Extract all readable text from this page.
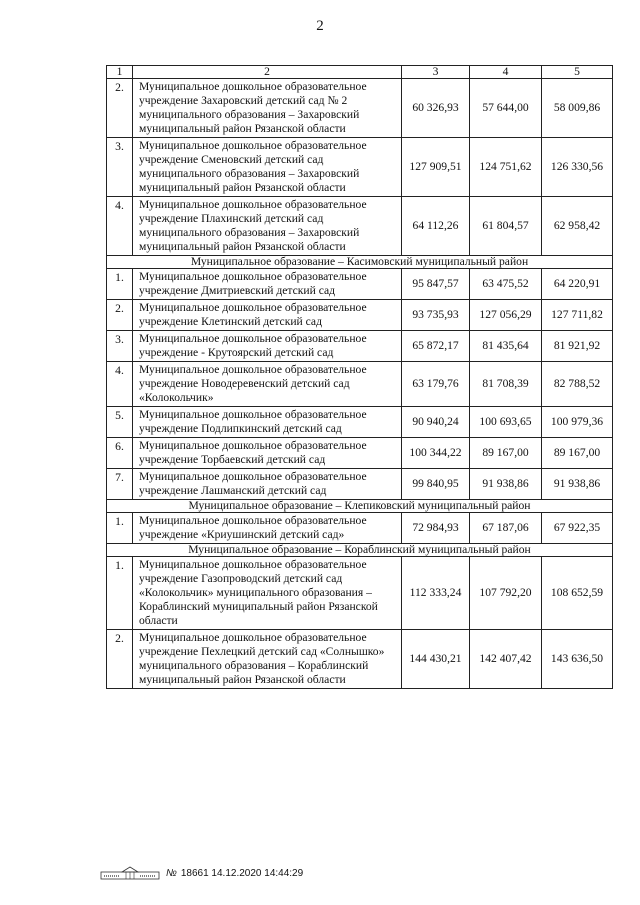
2
1	2	3	4	5
2.	Муниципальное дошкольное образовательное учреждение Захаровский детский сад № 2 муниципального образования – Захаровский муниципальный район Рязанской области	60 326,93	57 644,00	58 009,86
3.	Муниципальное дошкольное образовательное учреждение Сменовский детский сад муниципального образования – Захаровский муниципальный район Рязанской области	127 909,51	124 751,62	126 330,56
4.	Муниципальное дошкольное образовательное учреждение Плахинский детский сад муниципального образования – Захаровский муниципальный район Рязанской области	64 112,26	61 804,57	62 958,42
Муниципальное образование – Касимовский муниципальный район				
1.	Муниципальное дошкольное образовательное учреждение Дмитриевский детский сад	95 847,57	63 475,52	64 220,91
2.	Муниципальное дошкольное образовательное учреждение Клетинский детский сад	93 735,93	127 056,29	127 711,82
3.	Муниципальное дошкольное образовательное учреждение - Крутоярский детский сад	65 872,17	81 435,64	81 921,92
4.	Муниципальное дошкольное образовательное учреждение Новодеревенский детский сад «Колокольчик»	63 179,76	81 708,39	82 788,52
5.	Муниципальное дошкольное образовательное учреждение Подлипкинский детский сад	90 940,24	100 693,65	100 979,36
6.	Муниципальное дошкольное образовательное учреждение Торбаевский детский сад	100 344,22	89 167,00	89 167,00
7.	Муниципальное дошкольное образовательное учреждение Лашманский детский сад	99 840,95	91 938,86	91 938,86
Муниципальное образование – Клепиковский муниципальный район				
1.	Муниципальное дошкольное образовательное учреждение «Криушинский детский сад»	72 984,93	67 187,06	67 922,35
Муниципальное образование – Кораблинский муниципальный район				
1.	Муниципальное дошкольное образовательное учреждение Газопроводский детский сад «Колокольчик» муниципального образования – Кораблинский муниципальный район Рязанской области	112 333,24	107 792,20	108 652,59
2.	Муниципальное дошкольное образовательное учреждение Пехлецкий детский сад «Солнышко» муниципального образования – Кораблинский муниципальный район Рязанской области	144 430,21	142 407,42	143 636,50
№ 18661 14.12.2020 14:44:29
